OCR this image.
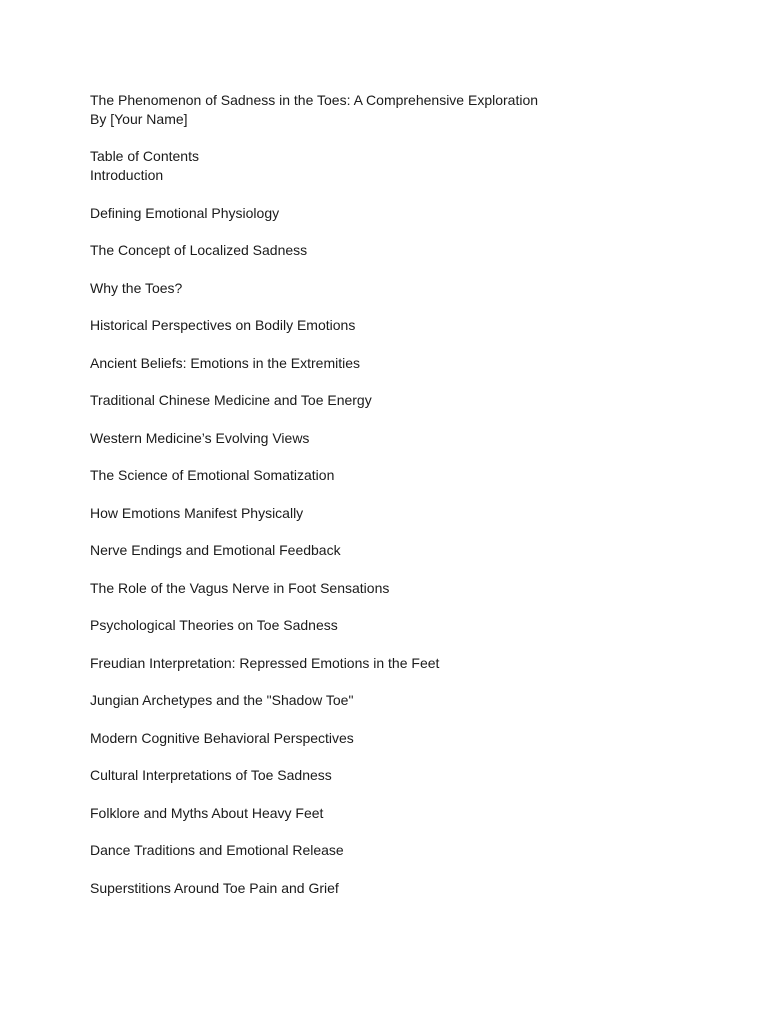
The Phenomenon of Sadness in the Toes: A Comprehensive Exploration
By [Your Name]
Table of Contents
Introduction
Defining Emotional Physiology
The Concept of Localized Sadness
Why the Toes?
Historical Perspectives on Bodily Emotions
Ancient Beliefs: Emotions in the Extremities
Traditional Chinese Medicine and Toe Energy
Western Medicine’s Evolving Views
The Science of Emotional Somatization
How Emotions Manifest Physically
Nerve Endings and Emotional Feedback
The Role of the Vagus Nerve in Foot Sensations
Psychological Theories on Toe Sadness
Freudian Interpretation: Repressed Emotions in the Feet
Jungian Archetypes and the "Shadow Toe"
Modern Cognitive Behavioral Perspectives
Cultural Interpretations of Toe Sadness
Folklore and Myths About Heavy Feet
Dance Traditions and Emotional Release
Superstitions Around Toe Pain and Grief
